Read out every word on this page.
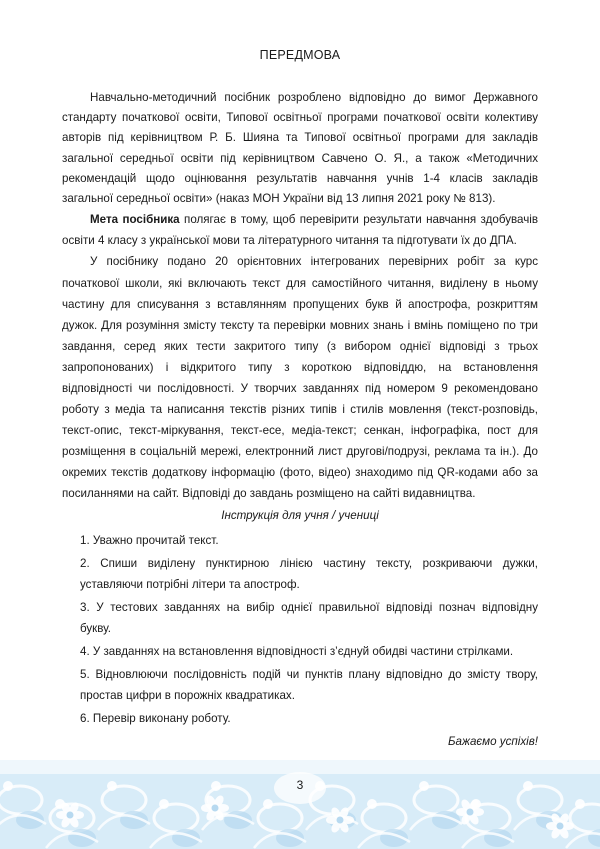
ПЕРЕДМОВА

Навчально-методичний посібник розроблено відповідно до вимог Державного стандарту початкової освіти, Типової освітньої програми початкової освіти колективу авторів під керівництвом Р. Б. Шияна та Типової освітньої програми для закладів загальної середньої освіти під керівництвом Савчено О. Я., а також «Методичних рекомендацій щодо оцінювання результатів навчання учнів 1-4 класів закладів загальної середньої освіти» (наказ МОН України від 13 липня 2021 року № 813).

Мета посібника полягає в тому, щоб перевірити результати навчання здобувачів освіти 4 класу з української мови та літературного читання та підготувати їх до ДПА.

У посібнику подано 20 орієнтовних інтегрованих перевірних робіт за курс початкової школи, які включають текст для самостійного читання, виділену в ньому частину для списування з вставлянням пропущених букв й апострофа, розкриттям дужок. Для розуміння змісту тексту та перевірки мовних знань і вмінь поміщено по три завдання, серед яких тести закритого типу (з вибором однієї відповіді з трьох запропонованих) і відкритого типу з короткою відповіддю, на встановлення відповідності чи послідовності. У творчих завданнях під номером 9 рекомендовано роботу з медіа та написання текстів різних типів і стилів мовлення (текст-розповідь, текст-опис, текст-міркування, текст-есе, медіа-текст; сенкан, інфографіка, пост для розміщення в соціальній мережі, електронний лист другові/подрузі, реклама та ін.). До окремих текстів додаткову інформацію (фото, відео) знаходимо під QR-кодами або за посиланнями на сайт. Відповіді до завдань розміщено на сайті видавництва.

Інструкція для учня / учениці

1. Уважно прочитай текст.
2. Спиши виділену пунктирною лінією частину тексту, розкриваючи дужки, уставляючи потрібні літери та апостроф.
3. У тестових завданнях на вибір однієї правильної відповіді познач відповідну букву.
4. У завданнях на встановлення відповідності з’єднуй обидві частини стрілками.
5. Відновлюючи послідовність подій чи пунктів плану відповідно до змісту твору, простав цифри в порожніх квадратиках.
6. Перевір виконану роботу.

Бажаємо успіхів!

3
